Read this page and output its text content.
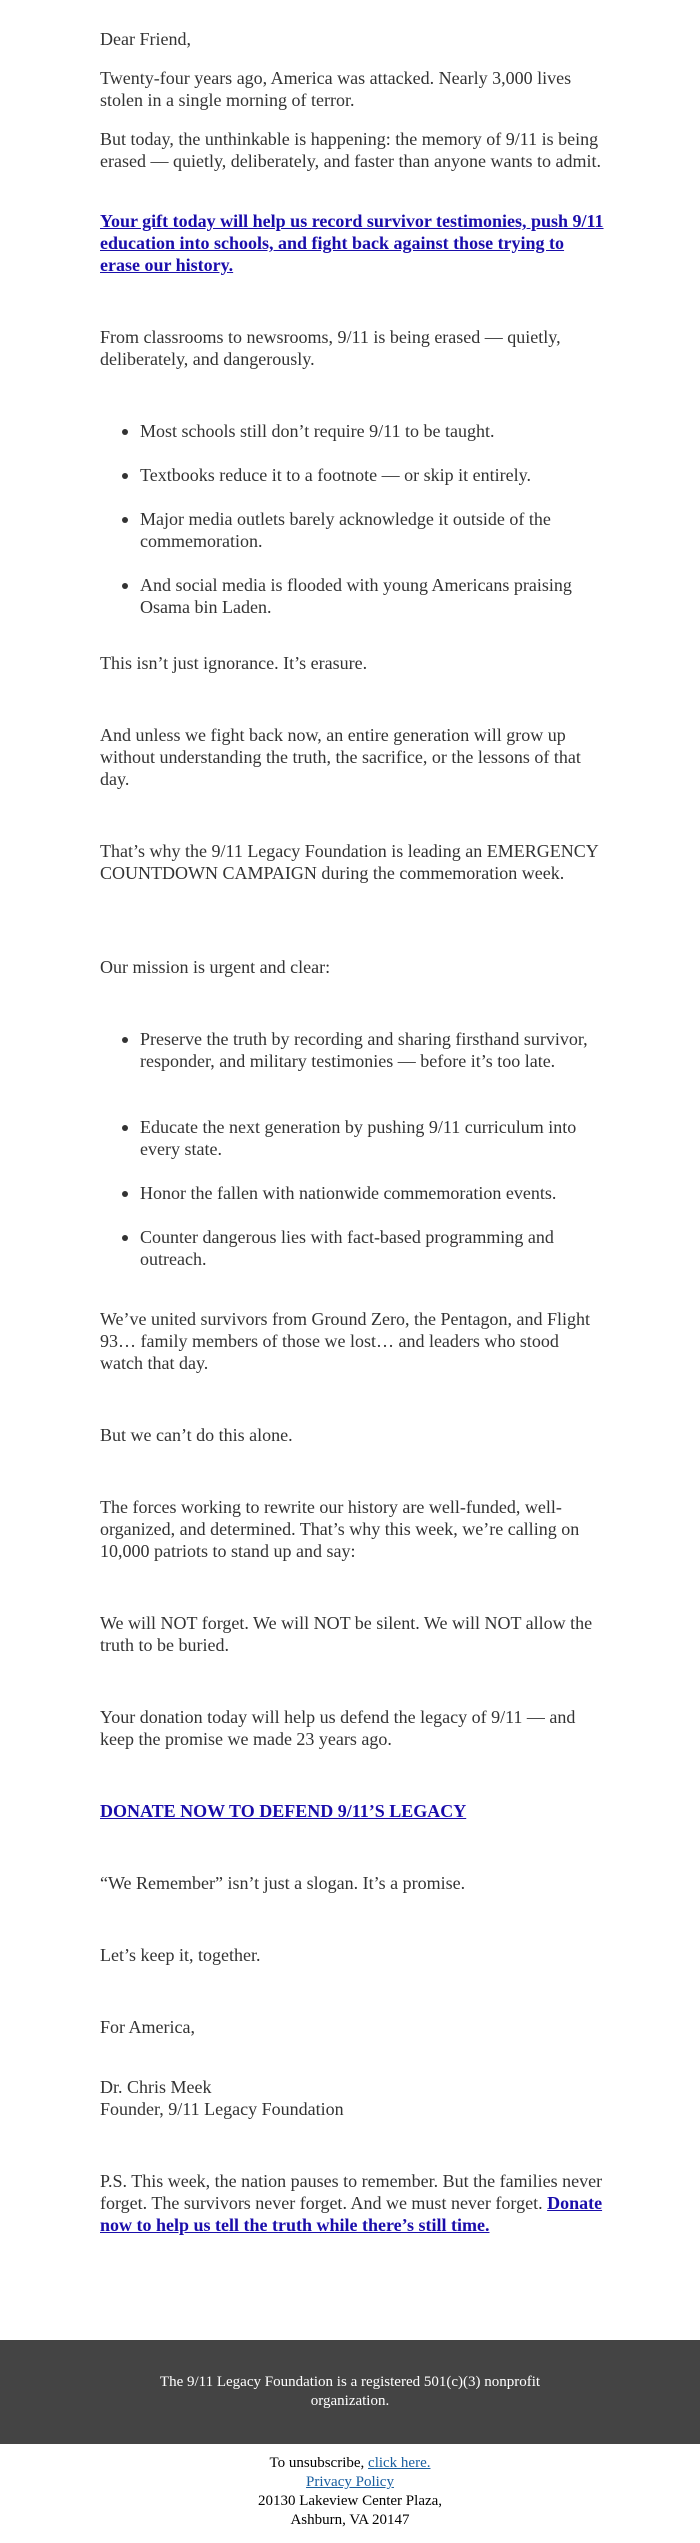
Dear Friend,

Twenty-four years ago, America was attacked. Nearly 3,000 lives stolen in a single morning of terror.

But today, the unthinkable is happening: the memory of 9/11 is being erased — quietly, deliberately, and faster than anyone wants to admit.

Your gift today will help us record survivor testimonies, push 9/11 education into schools, and fight back against those trying to erase our history.

From classrooms to newsrooms, 9/11 is being erased — quietly, deliberately, and dangerously.

Most schools still don’t require 9/11 to be taught.
Textbooks reduce it to a footnote — or skip it entirely.
Major media outlets barely acknowledge it outside of the commemoration.
And social media is flooded with young Americans praising Osama bin Laden.

This isn’t just ignorance. It’s erasure.

And unless we fight back now, an entire generation will grow up without understanding the truth, the sacrifice, or the lessons of that day.

That’s why the 9/11 Legacy Foundation is leading an EMERGENCY COUNTDOWN CAMPAIGN during the commemoration week.

Our mission is urgent and clear:

Preserve the truth by recording and sharing firsthand survivor, responder, and military testimonies — before it’s too late.
Educate the next generation by pushing 9/11 curriculum into every state.
Honor the fallen with nationwide commemoration events.
Counter dangerous lies with fact-based programming and outreach.

We’ve united survivors from Ground Zero, the Pentagon, and Flight 93… family members of those we lost… and leaders who stood watch that day.

But we can’t do this alone.

The forces working to rewrite our history are well-funded, well-organized, and determined. That’s why this week, we’re calling on 10,000 patriots to stand up and say:

We will NOT forget. We will NOT be silent. We will NOT allow the truth to be buried.

Your donation today will help us defend the legacy of 9/11 — and keep the promise we made 23 years ago.

DONATE NOW TO DEFEND 9/11’S LEGACY

“We Remember” isn’t just a slogan. It’s a promise.

Let’s keep it, together.

For America,

Dr. Chris Meek

Founder, 9/11 Legacy Foundation

P.S. This week, the nation pauses to remember. But the families never forget. The survivors never forget. And we must never forget. Donate now to help us tell the truth while there’s still time.

The 9/11 Legacy Foundation is a registered 501(c)(3) nonprofit organization.

To unsubscribe, click here.
Privacy Policy
20130 Lakeview Center Plaza,
Ashburn, VA 20147
